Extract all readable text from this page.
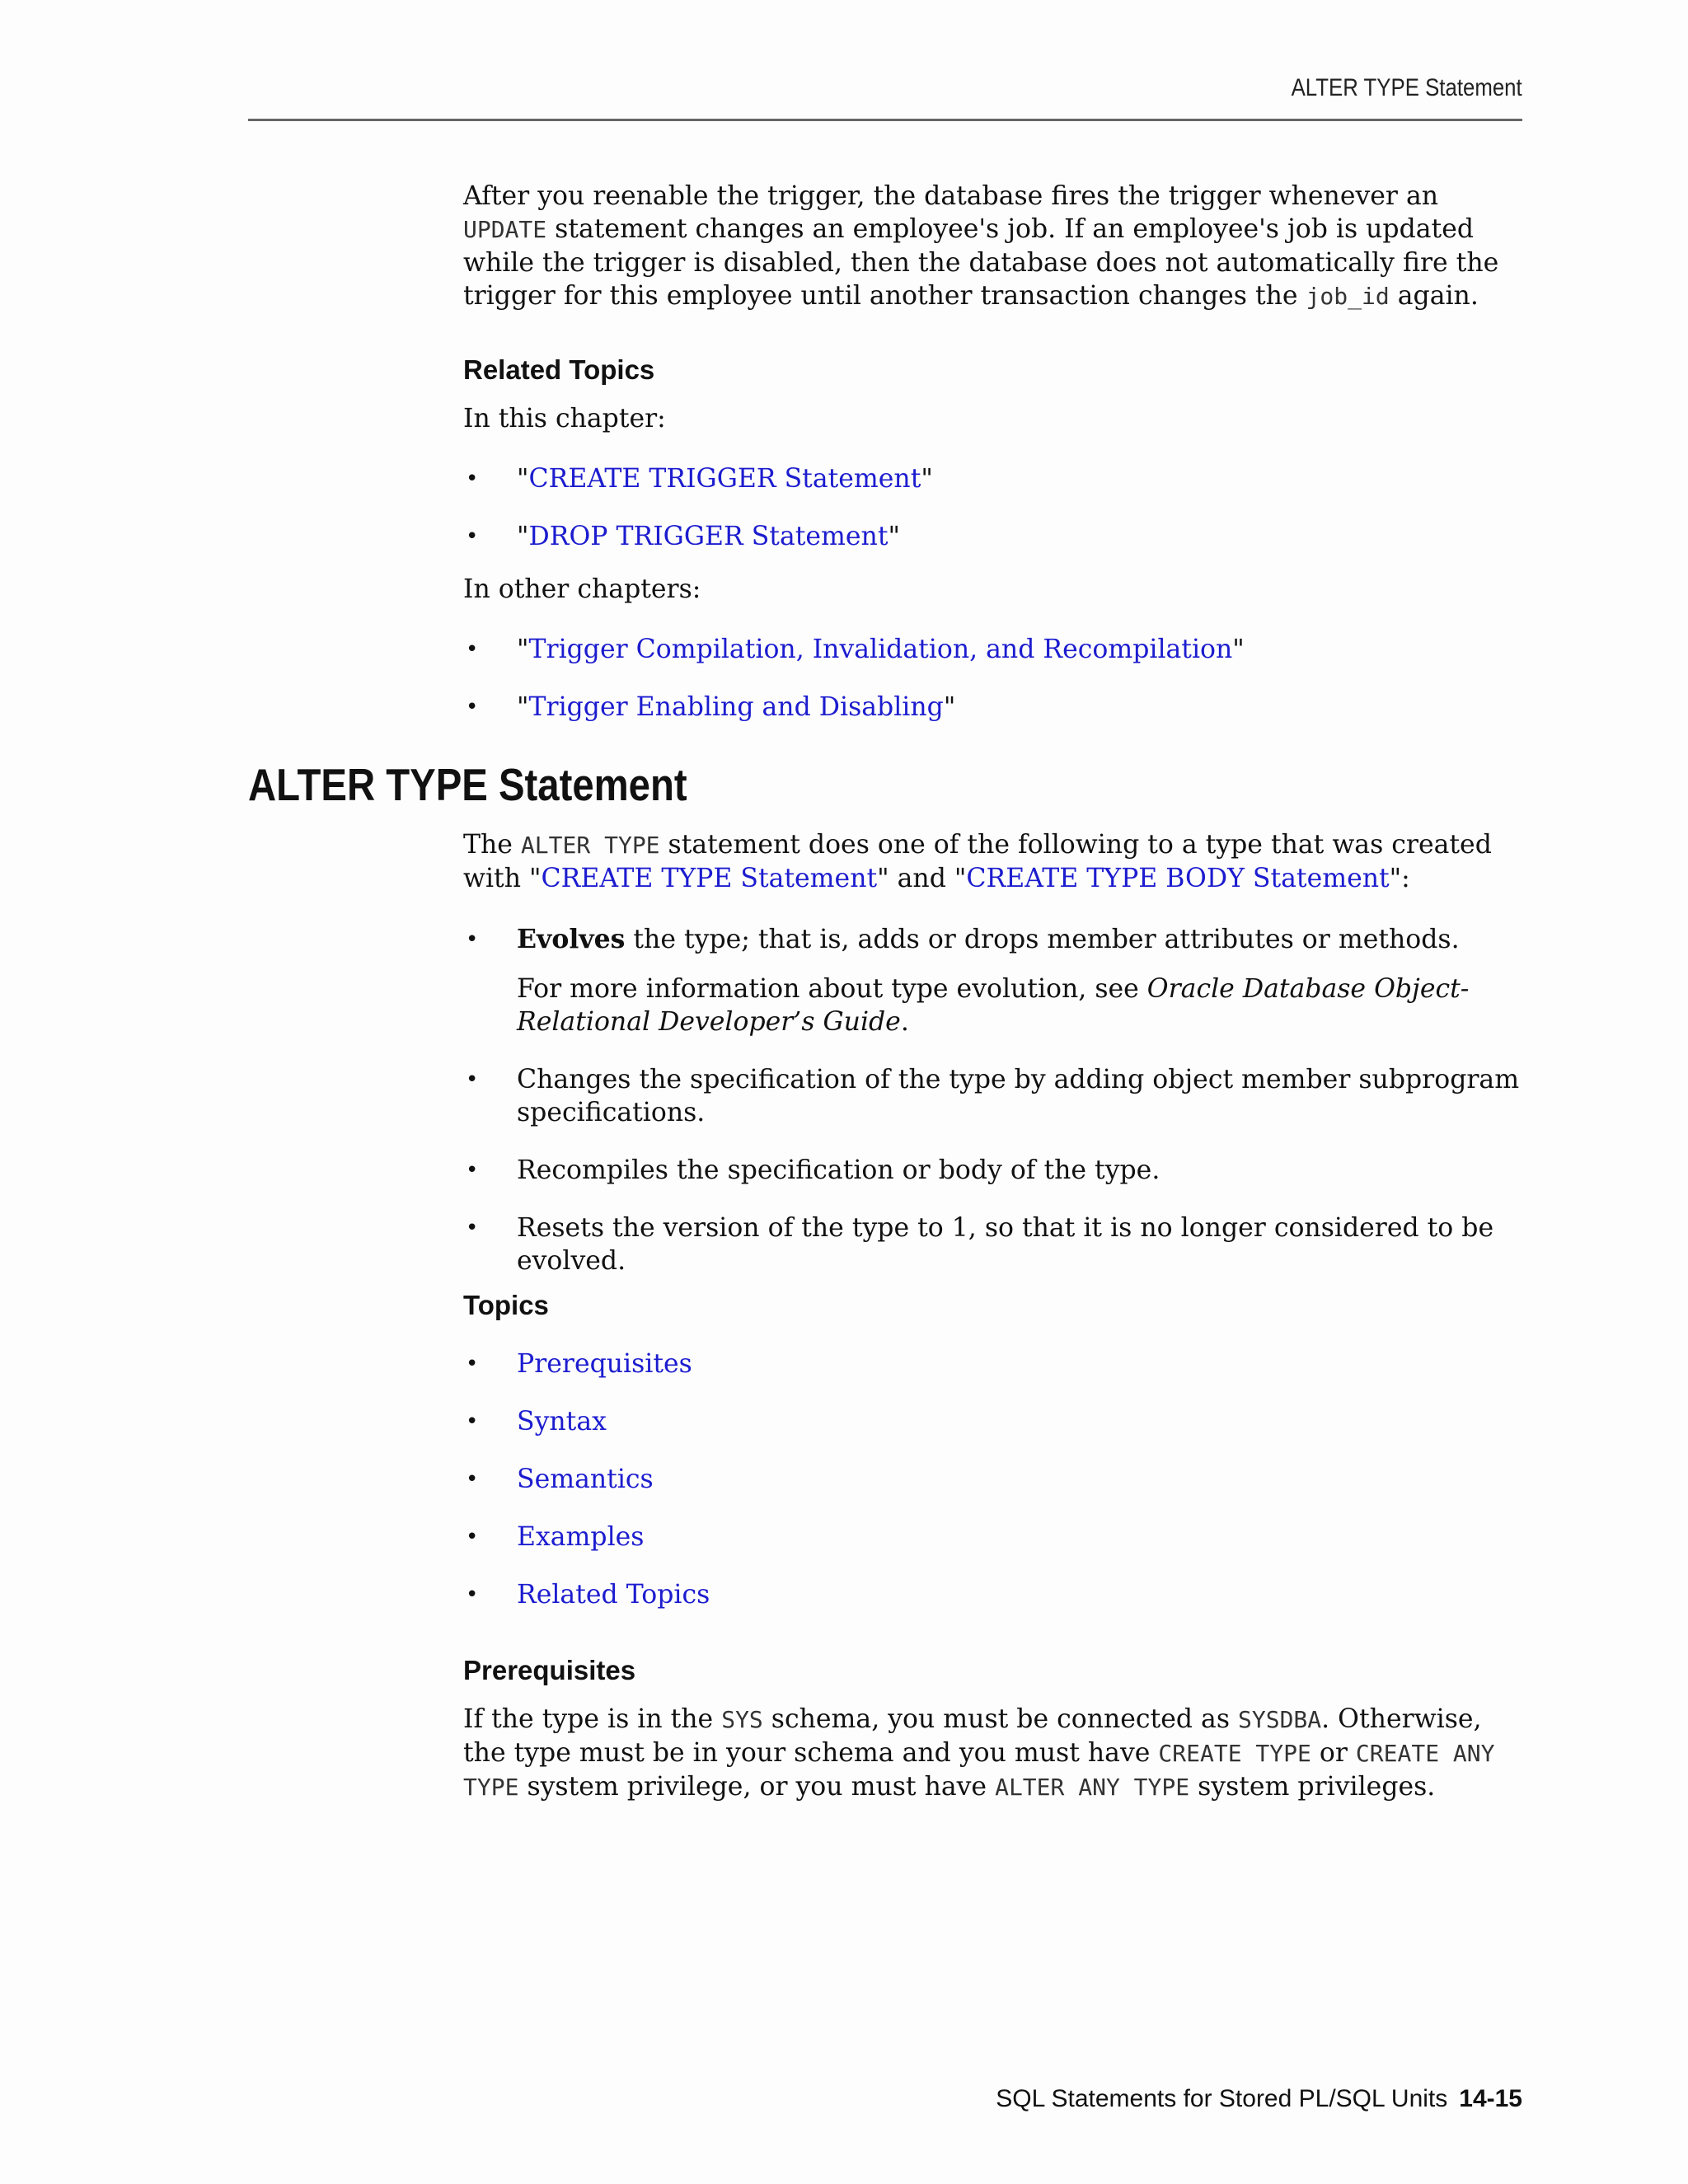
ALTER TYPE Statement

After you reenable the trigger, the database fires the trigger whenever an UPDATE statement changes an employee's job. If an employee's job is updated while the trigger is disabled, then the database does not automatically fire the trigger for this employee until another transaction changes the job_id again.

Related Topics
In this chapter:
• "CREATE TRIGGER Statement"
• "DROP TRIGGER Statement"
In other chapters:
• "Trigger Compilation, Invalidation, and Recompilation"
• "Trigger Enabling and Disabling"
ALTER TYPE Statement

The ALTER TYPE statement does one of the following to a type that was created with "CREATE TYPE Statement" and "CREATE TYPE BODY Statement":

• Evolves the type; that is, adds or drops member attributes or methods.
For more information about type evolution, see Oracle Database Object-Relational Developer’s Guide.
• Changes the specification of the type by adding object member subprogram specifications.
• Recompiles the specification or body of the type.
• Resets the version of the type to 1, so that it is no longer considered to be evolved.
Topics
• Prerequisites
• Syntax
• Semantics
• Examples
• Related Topics
Prerequisites

If the type is in the SYS schema, you must be connected as SYSDBA. Otherwise, the type must be in your schema and you must have CREATE TYPE or CREATE ANY TYPE system privilege, or you must have ALTER ANY TYPE system privileges.

SQL Statements for Stored PL/SQL Units 14-15
